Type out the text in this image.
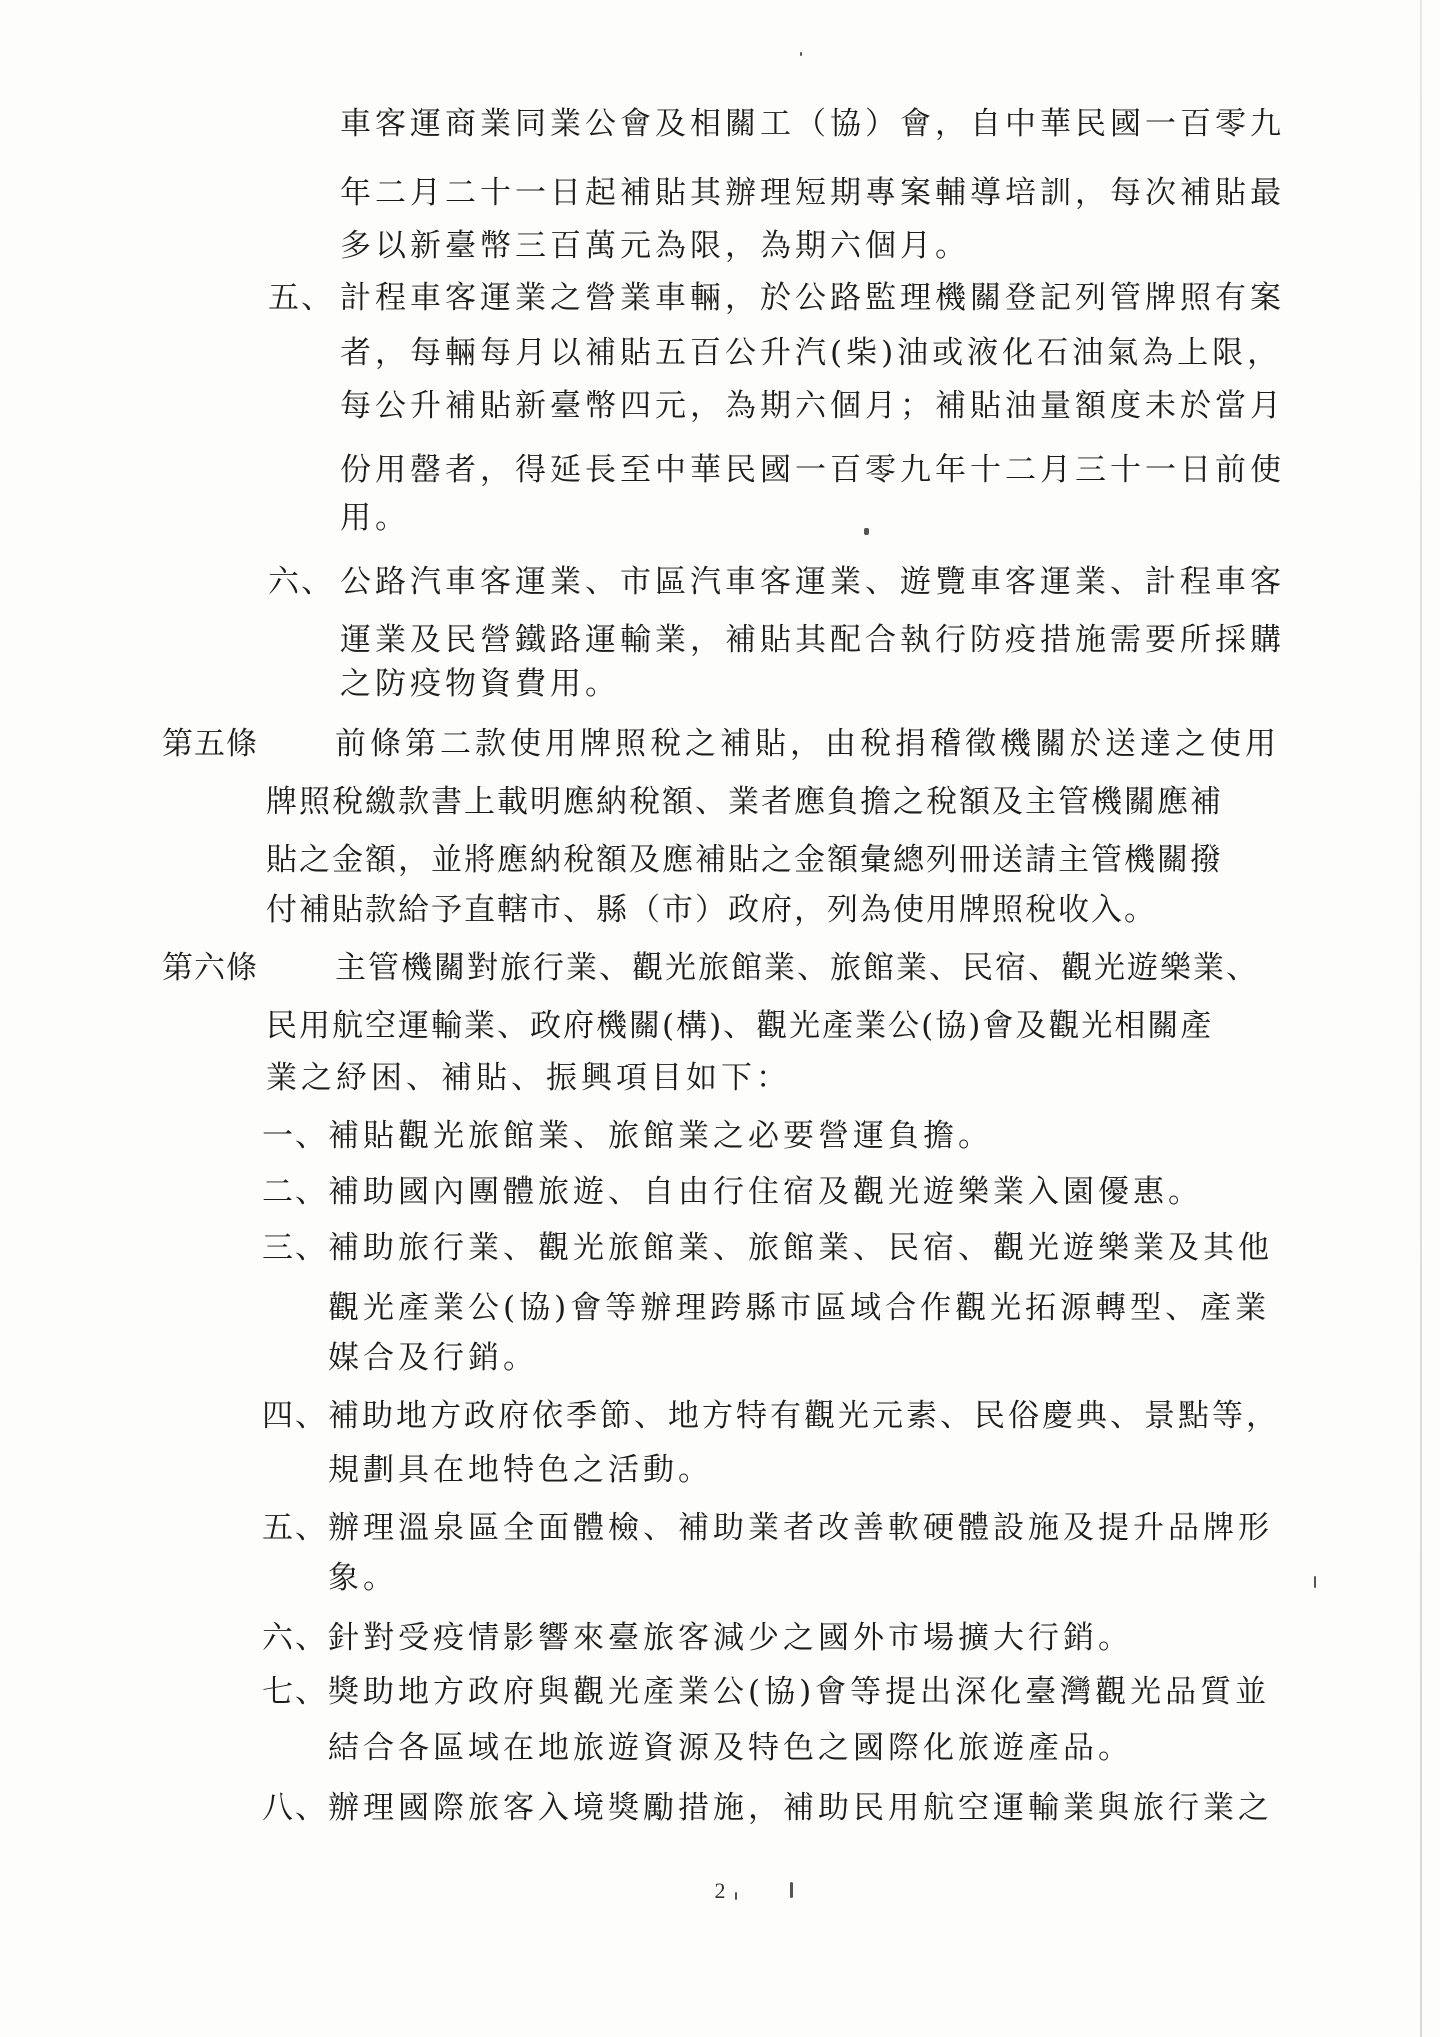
車客運商業同業公會及相關工（協）會，自中華民國一百零九
年二月二十一日起補貼其辦理短期專案輔導培訓，每次補貼最
多以新臺幣三百萬元為限，為期六個月。
五、 計程車客運業之營業車輛，於公路監理機關登記列管牌照有案
者，每輛每月以補貼五百公升汽(柴)油或液化石油氣為上限，
每公升補貼新臺幣四元，為期六個月；補貼油量額度未於當月
份用罄者，得延長至中華民國一百零九年十二月三十一日前使
用。
六、 公路汽車客運業、市區汽車客運業、遊覽車客運業、計程車客
運業及民營鐵路運輸業，補貼其配合執行防疫措施需要所採購
之防疫物資費用。
第五條 前條第二款使用牌照稅之補貼，由稅捐稽徵機關於送達之使用
牌照稅繳款書上載明應納稅額、業者應負擔之稅額及主管機關應補
貼之金額，並將應納稅額及應補貼之金額彙總列冊送請主管機關撥
付補貼款給予直轄市、縣（市）政府，列為使用牌照稅收入。
第六條 主管機關對旅行業、觀光旅館業、旅館業、民宿、觀光遊樂業、
民用航空運輸業、政府機關(構)、觀光產業公(協)會及觀光相關產
業之紓困、補貼、振興項目如下：
一、 補貼觀光旅館業、旅館業之必要營運負擔。
二、 補助國內團體旅遊、自由行住宿及觀光遊樂業入園優惠。
三、 補助旅行業、觀光旅館業、旅館業、民宿、觀光遊樂業及其他
觀光產業公(協)會等辦理跨縣市區域合作觀光拓源轉型、產業
媒合及行銷。
四、 補助地方政府依季節、地方特有觀光元素、民俗慶典、景點等，
規劃具在地特色之活動。
五、 辦理溫泉區全面體檢、補助業者改善軟硬體設施及提升品牌形
象。
六、 針對受疫情影響來臺旅客減少之國外市場擴大行銷。
七、 獎助地方政府與觀光產業公(協)會等提出深化臺灣觀光品質並
結合各區域在地旅遊資源及特色之國際化旅遊產品。
八、 辦理國際旅客入境獎勵措施，補助民用航空運輸業與旅行業之
2
